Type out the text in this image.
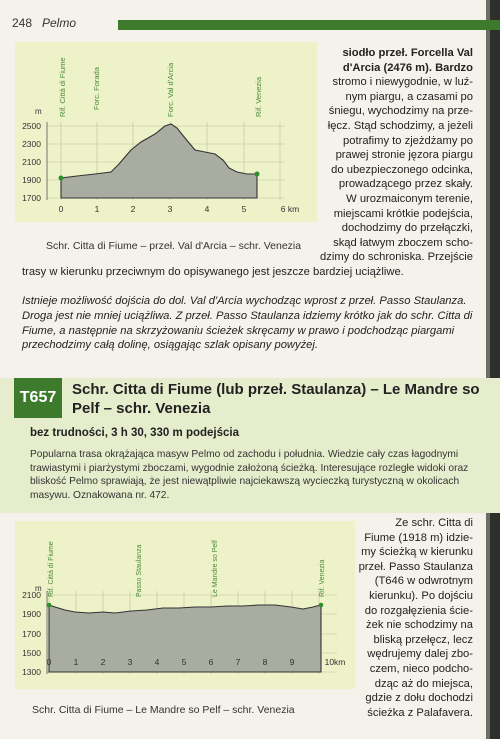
248 Pelmo
m
2500
2300
2100
1900
1700
0	1	2	3	4	5	6 km
Rif. Città di Fiume	Forc. Forada	Forc. Val d'Arcia	Rif. Venezia
Schr. Citta di Fiume – przeł. Val d'Arcia – schr. Venezia
siodło przeł. Forcella Val
d'Arcia (2476 m). Bardzo
stromo i niewygodnie, w luź-
nym piargu, a czasami po
śniegu, wychodzimy na prze-
łęcz. Stąd schodzimy, a jeżeli
potrafimy to zjeżdżamy po
prawej stronie jęzora piargu
do ubezpieczonego odcinka,
prowadzącego przez skały.
W urozmaiconym terenie,
miejscami krótkie podejścia,
dochodzimy do przełączki,
skąd łatwym zboczem scho-
dzimy do schroniska. Przejście
trasy w kierunku przeciwnym do opisywanego jest jeszcze bardziej uciążliwe.
Istnieje możliwość dojścia do dol. Val d'Arcia wychodząc wprost z przeł. Passo Staulanza. Droga jest nie mniej uciążliwa. Z przeł. Passo Staulanza idziemy krótko jak do schr. Citta di Fiume, a następnie na skrzyżowaniu ścieżek skręcamy w prawo i podchodząc piargami przechodzimy całą dolinę, osiągając szlak opisany powyżej.
T657	Schr. Citta di Fiume (lub przeł. Staulanza) – Le Mandre so Pelf – schr. Venezia
bez trudności, 3 h 30, 330 m podejścia
Popularna trasa okrążająca masyw Pelmo od zachodu i południa. Wiedzie cały czas łagodnymi trawiastymi i piarżystymi zboczami, wygodnie założoną ścieżką. Interesujące rozległe widoki oraz bliskość Pelmo sprawiają, że jest niewątpliwie najciekawszą wycieczką turystyczną w okolicach masywu. Oznakowana nr. 472.
m
2100
1900
1700
1500
1300
0	1	2	3	4	5	6	7	8	9	10km
Rif. Città di Fiume	Passo Staulanza	Le Mandre so Pelf	Rif. Venezia
Schr. Citta di Fiume – Le Mandre so Pelf – schr. Venezia
Ze schr. Citta di
Fiume (1918 m) idzie-
my ścieżką w kierunku
przeł. Passo Staulanza
(T646 w odwrotnym
kierunku). Po dojściu
do rozgałęzienia ście-
żek nie schodzimy na
bliską przełęcz, lecz
wędrujemy dalej zbo-
czem, nieco podcho-
dząc aż do miejsca,
gdzie z dołu dochodzi
ścieżka z Palafavera.
